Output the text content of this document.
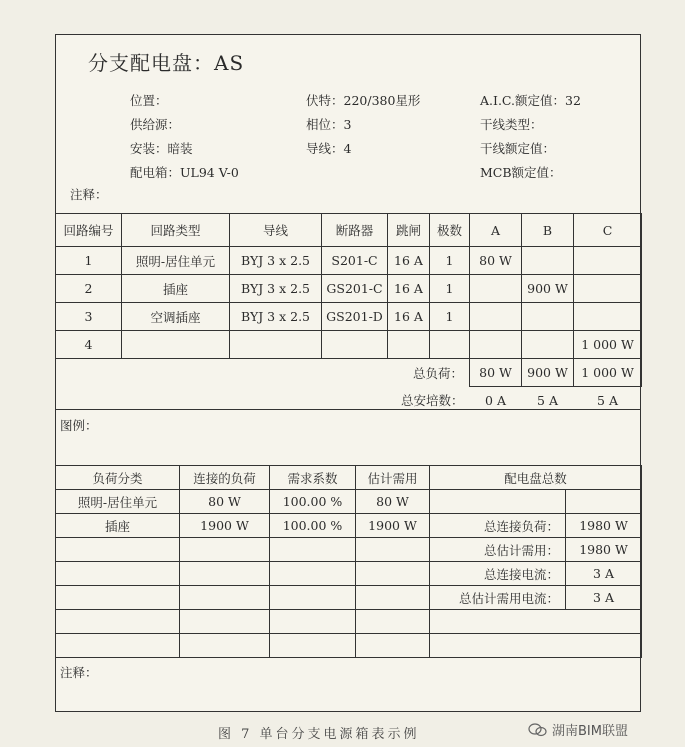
分支配电盘：AS
位置：
供给源：
安装：暗装
配电箱：UL94 V-0
伏特：220/380星形
相位：3
导线：4
A.I.C.额定值：32
干线类型：
干线额定值：
MCB额定值：
注释：
回路编号	回路类型	导线	断路器	跳闸	极数	A	B	C
1	照明-居住单元	BYJ 3 x 2.5	S201-C	16 A	1	80 W		
2	插座	BYJ 3 x 2.5	GS201-C	16 A	1		900 W	
3	空调插座	BYJ 3 x 2.5	GS201-D	16 A	1			
4								1 000 W
总负荷：						80 W	900 W	1 000 W
总安培数：						0 A	5 A	5 A
图例：
负荷分类	连接的负荷	需求系数	估计需用	配电盘总数	
照明-居住单元	80 W	100.00 %	80 W		
插座	1900 W	100.00 %	1900 W	总连接负荷：	1980 W
				总估计需用：	1980 W
				总连接电流：	3 A
				总估计需用电流：	3 A

注释：
图 7 单台分支电源箱表示例	湖南BIM联盟
